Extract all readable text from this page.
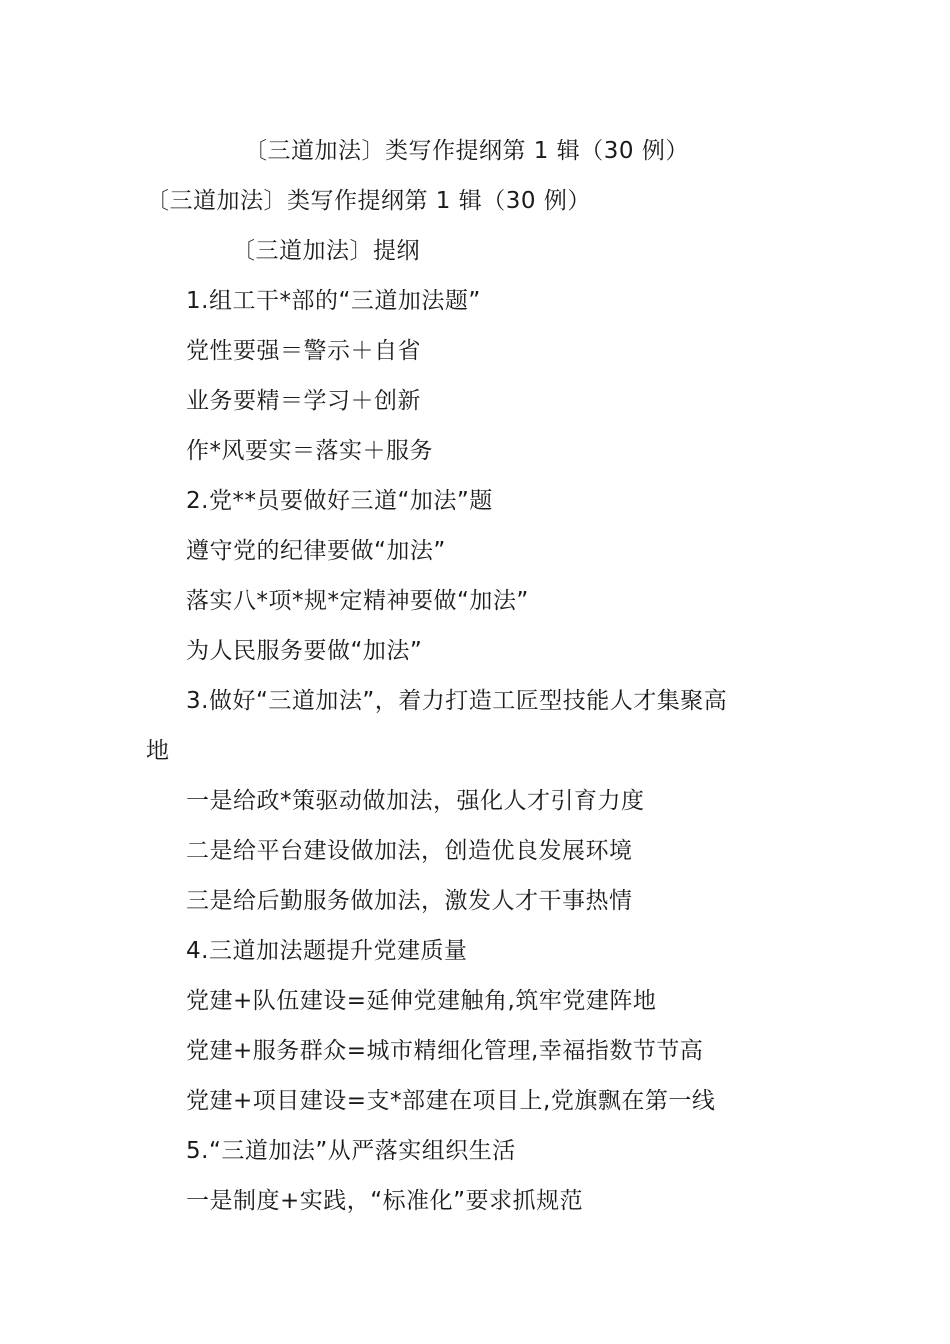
〔三道加法〕类写作提纲第 1 辑（30 例）
〔三道加法〕类写作提纲第 1 辑（30 例）
〔三道加法〕提纲
1.组工干*部的“三道加法题”
党性要强＝警示＋自省
业务要精＝学习＋创新
作*风要实＝落实＋服务
2.党**员要做好三道“加法”题
遵守党的纪律要做“加法”
落实八*项*规*定精神要做“加法”
为人民服务要做“加法”
3.做好“三道加法”，着力打造工匠型技能人才集聚高
地
一是给政*策驱动做加法，强化人才引育力度
二是给平台建设做加法，创造优良发展环境
三是给后勤服务做加法，激发人才干事热情
4.三道加法题提升党建质量
党建+队伍建设=延伸党建触角,筑牢党建阵地
党建+服务群众=城市精细化管理,幸福指数节节高
党建+项目建设=支*部建在项目上,党旗飘在第一线
5.“三道加法”从严落实组织生活
一是制度+实践，“标准化”要求抓规范
